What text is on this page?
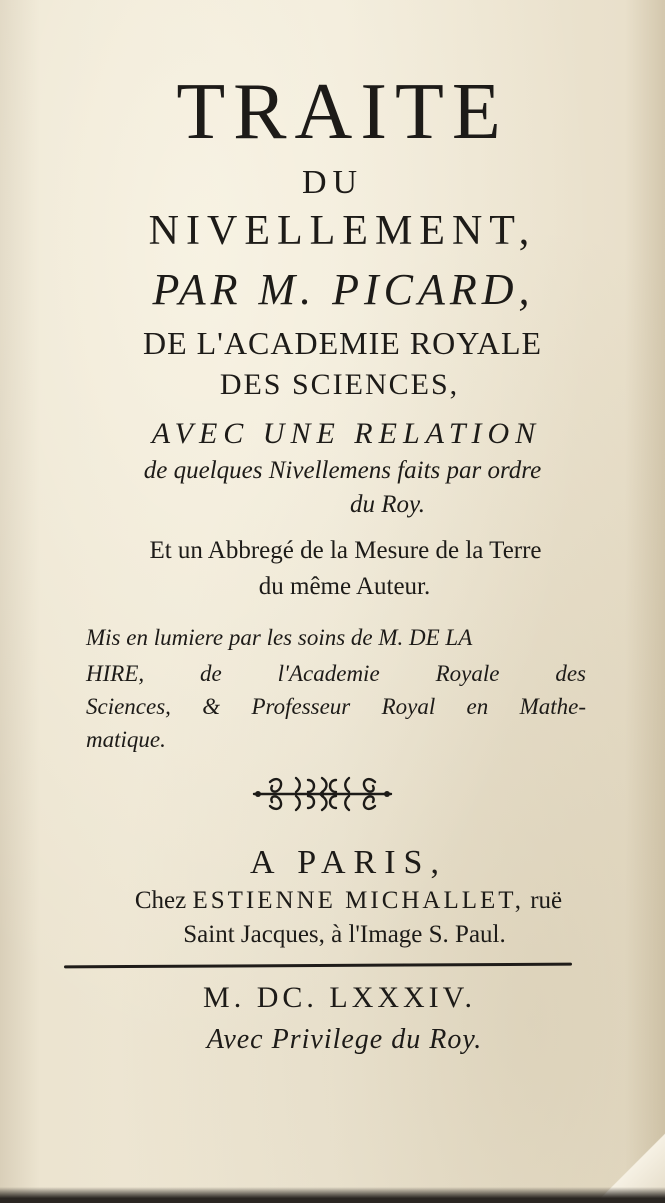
TRAITE
DU
NIVELLEMENT,
PAR M. PICARD,
DE L'ACADEMIE ROYALE
DES SCIENCES,
AVEC UNE RELATION
de quelques Nivellemens faits par ordre
du Roy.
Et un Abbregé de la Mesure de la Terre
du même Auteur.
Mis en lumiere par les soins de M. DE LA
HIRE, de l'Academie Royale des
Sciences, & Professeur Royal en Mathe-
matique.
A PARIS,
Chez ESTIENNE MICHALLET, ruë
Saint Jacques, à l'Image S. Paul.
M. DC. LXXXIV.
Avec Privilege du Roy.
